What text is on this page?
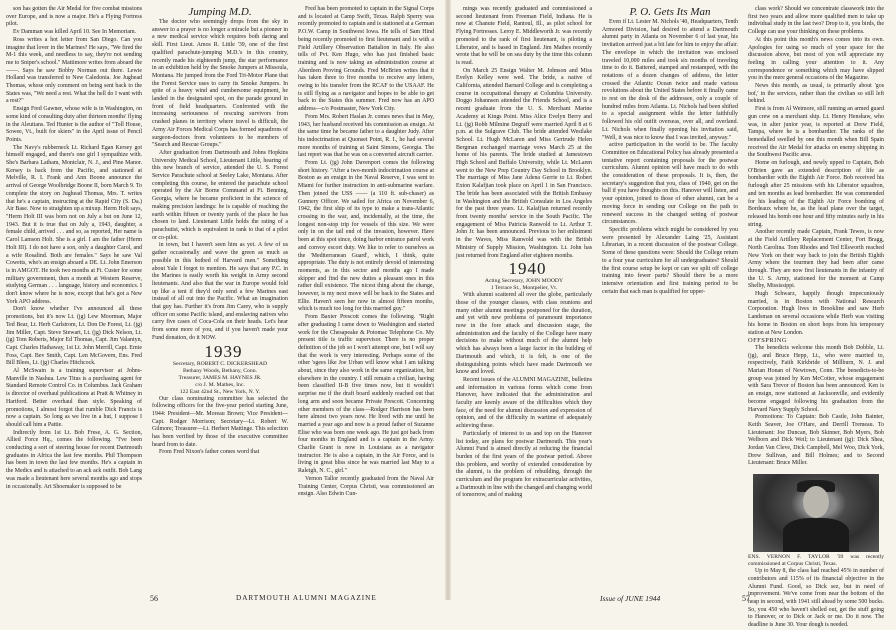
son has gotten the Air Medal for five combat missions over Europe, and is now a major. He's a Flying Fortress pilot.

Ev Damman was killed April 10. See In Memoriam.

Ross writes a hot letter from San Diego. Can you imagine that lover in the Marines? He says, "We fired the M-1 this week, and needless to say, they're not sending me to Sniper's school." Mattimore writes from aboard the ——. Says he saw Bobby Norman out there. Lewie Holland was transferred to New Caledonia. Joe Jughead Thomas, whose only comment on being sent back to the States was, "We need a rest. What the hell do I want with a rest?"

Ensign Fred Gawner, whose wife is in Washington, on some kind of consulting duty after thirteen months' flying in the Aleutians. Ted Hunter is the author of "Toll House, Sowee, Vt., built for skiers" in the April issue of Pencil Points.

The Navy's rubberneck Lt. Richard Egan Kersey got himself engaged, and there's one girl I sympathize with. She's Barbara Latham, Montclair, N. J., and Pine Manor. Kersey is back from the Pacific, and stationed at Melville, R. I. Frank and Ann Boone announce the arrival of George Woolbridge Boone II, born March 9. To complete the story on Jughead Thomas, Mrs. T. writes that he's a captain, instructing at the Rapid City (S. Da.) Air Base. Now to straighten up a mixup. Herm Holt says, "Herm Holt III was born not on July a but on June 12, 1943. But it is true that on July a, 1943, daughter, a female child, arrived . . . and so, as reported, Her name is Carol Lamson Holt. She is a girl. I am the father (Herm Holt III). I do not have a son, only a daughter Carol, and a wife Rosalind. Both are females." Says he saw Val Cowetts, who's an ensign aboard a DE. Lt. John Emerson is in AMGOT. He took two months at Ft. Custer for some military government, then a month at Western Reserve, studying German . . . language, history and economics. I don't know where he is now, except that he's got a New York APO address.

Don't know whether I've announced all these promotions, but it's now Lt. (jg) Lew Moorman, Major Ted Bear, Lt. Herb Carlstrom, Lt. Don De Forest, Lt. (jg) Jim Miller, Capt. Steve Stewart, Lt. (jg) Dick Nelson, Lt. (jg) Tom Roberts, Major Ed Thomas, Capt. Jim Valantyn, Capt. Charles Hathaway, 1st Lt. John Merrill, Capt. Ernie Foss, Capt. Bev Smith, Capt. Len McGovern, Ens. Fred Bill Blees, Lt. (jg) Charles Hitchcock.

Al McSwain is a training supervisor at Johns-Manville in Nashua. Lew Titus is a purchasing agent for Standard Remote Control Co. in Columbus. Jack Graham is director of overhaul publications at Pratt & Whitney in Hartford. Better overhaul than style. Speaking of promotions, I almost forgot that rumble Dick Francis is now a captain. So long as we live in a hut, I suppose I should call him a Pattie.

Indirectly from 1st Lt. Bob Frese, A. G. Section, Allied Force Hq., comes the following. "I've been conducting a sort of steering house for recent Dartmouth graduates in Africa the last few months. Phil Thompson has been in town the last few months. He's a captain in the Medics and is attached to an ack ack outfit. Bob Lang was made a lieutenant here several months ago and stops in occasionally. Art Shoemaker is supposed to be

Jumping M.D.

The doctor who seemingly drops from the sky in answer to a prayer is no longer a miracle but a pioneer in a new medical service which requires both daring and skill. First Lieut. Amos R. Little '39, one of the first qualified parachute-jumping M.D.'s in this country, recently made his eighteenth jump, the star performance in an exhibition held by the Smoke Jumpers at Missoula, Montana. He jumped from the Ford Tri-Motor Plane that the Forest Service uses to carry its Smoke Jumpers. In spite of a heavy wind and cumbersome equipment, he landed in the designated spot, on the parade ground in front of field headquarters. Confronted with the increasing seriousness of rescuing survivors from crashed planes in territory where travel is difficult, the Army Air Forces Medical Corps has formed squadrons of surgeon-doctors from volunteers to be members of "Search and Rescue Groups."

After graduation from Dartmouth and Johns Hopkins University Medical School, Lieutenant Little, hearing of this new branch of service, attended the U. S. Forest Service Parachute school at Seeley Lake, Montana. After completing this course, he entered the parachute school operated by the Air Borne Command at Ft. Benning, Georgia, where he became proficient in the science of making precision landings: he is capable of reaching the earth within fifteen or twenty yards of the place he has chosen to land. Lieutenant Little holds the rating of a parachutist, which is equivalent in rank to that of a pilot or co-pilot.

in town, but I haven't seen him as yet. A few of us gather occasionally and wave the green as much as possible in this hotbed of Harvard men." Something about Yale I forgot to mention. He says that any P.C. in the Marines is easily worth his weight in Army second lieutenants. And also that the war in Europe would fold up like a tent if they'd only send a few Marines east instead of all out into the Pacific. What an imagination that guy has. Further it's from Jim Carey, who is supply officer on some Pacific island, and enslaving natives who carry five cases of Coca-Cola on their heads. Let's hear from some more of you, and if you haven't made your Fund donation, do it NOW.

1939

Secretary, ROBERT C. DICKERSHEAD

Bethany Woods, Bethany, Conn.

Treasurer, JAMES M. HAYNES JR.

c/o J. M. Mathes, Inc.

122 East 42nd St., New York, N. Y.

Our class nominating committee has selected the following officers for the five-year period starting June, 1944: President—Mr. Moreau Brown; Vice President—Capt. Rodger Morrison; Secretary—Lt. Robert W. Gilmore; Treasurer—Lt. Herbert Mattinge. This selection has been verified by those of the executive committee heard from to date.

From Fred Nixon's father comes word that

Fred has been promoted to captain in the Signal Corps and is located at Camp Swift, Texas. Ralph Sperry was recently promoted to captain and is stationed at a German P.O.W. Camp in Southwest Iowa. He tells of Sam Hind being recently promoted to first lieutenant and is with a Field Artillery Observation Battalion in Italy. He also tells of Pvt. Ken Hugo, who has just finished basic training and is now taking an administration course at Aberdeen Proving Grounds. Fred McBrien writes that it has taken three to five months to receive any letters, owing to his transfer from the RCAF to the USAAF. He is still flying as a navigator and hopes to be able to get back to the States this summer. Fred now has an APO address—c/o Postmaster, New York City.

From Mrs. Robert Haslan Jr. comes news that in May, 1943, her husband received his commission as ensign. At the same time he became father to a daughter Judy. After his indoctrination at Quonset Point, R. I., he had several more months of training at Saint Simons, Georgia. The last report was that he was on a converted aircraft carrier.

From Lt. (jg) John Davenport comes the following short history. "After a two-month indoctrination course at Boston as an ensign in the Naval Reserve, I was sent to Miami for further instruction in anti-submarine warfare. Then joined the USS —— (a 110 ft. sub-chaser) as Gunnery Officer. We sailed for Africa on November 6, 1942, the first ship of its type to make a trans-Atlantic crossing in the war, and, incidentally, at the time, the longest non-stop trip for vessels of this size. We were only in on the tail end of the invasion, however. Have been at this spot since, doing harbor entrance patrol work and convoy escort duty. We like to refer to ourselves as the 'Mediterranean Guard', which, I think, quite appropriate. The duty is not entirely devoid of interesting moments, as in this sector and months ago I made skipper and find the new duties a pleasant ones in this rather dull existence. The nicest thing about the change, however, is my next move will be back to the States and Ellie. Haven't seen her now in almost fifteen months, which is much too long for this married guy."

From Baxter Prescott comes the following. "Right after graduating I came down to Washington and started work for the Chesapeake & Potomac Telephone Co. My present title is traffic supervisor. There is no proper definition of the job so I won't attempt one, but I will say that the work is very interesting. Perhaps some of the other 'sgees like Joe Urban will know what I am talking about, since they also work in the same organization, but elsewhere in the country. I still remain a civilian, having been classified II-B five times now, but it wouldn't surprise me if the draft board suddenly reached out that long arm and soon became Private Prescott. Concerning other members of the class—Rodger Harrison has been here almost two years now. He lived with me until he married a year ago and now is a proud father of Suzanne Elise who was born one week ago. He just got back from four months in England and is a captain in the Army. Charlie Grant is now in Louisiana as a navigator instructor. He is also a captain, in the Air Force, and is living in great bliss since he was married last May to a Raleigh, N. C., girl."

Vernon Tallor recently graduated from the Naval Air Training Center, Corpus Christi, was commissioned an ensign. Also Edwin Cun-

56	DARTMOUTH ALUMNI MAGAZINE

mings was recently graduated and commissioned a second lieutenant from Freeman Field, Indiana. He is now at Chanute Field, Rantoul, Ill., as pilot school for Flying Fortresses. Leroy E. Middleworth Jr. was recently promoted to the rank of first lieutenant, is piloting a Liberator, and is based in England. Jim Mathes recently wrote that he will be on sea duty by the time this column is read.

On March 25 Ensign Walter M. Johnson and Miss Evelyn Kelley were wed. The bride, a native of California, attended Barnard College and is completing a course in occupational therapy at Columbia University. Doggo Johannsen attended the Friends School, and is a recent graduate from the U. S. Merchant Marine Academy at Kings Point. Miss Alice Evelyn Berry and Lt. (jg) Robb Milmine Degraff were married April 8 at 6 p.m. at the Sulgrave Club. The bride attended Westlake School. Lt. Hugh McLaren and Miss Gertrude Helen Bergman exchanged marriage vows March 25 at the home of his parents. The bride studied at Jamestown High School and Buffalo University, while Lt. McLaren went to the New Prep Country Day School in Brooklyn. The marriage of Miss Jane Adena Gerrie to Lt. Robert Exton Kalafjian took place on April 1 in San Francisco. The bride has been associated with the British Embassy in Washington and the British Consulate in Los Angeles for the past three years. Lt. Kalafjian returned recently from twenty months' service in the South Pacific. The engagement of Miss Patricia Ranwold to Lt. Arthur T. John Jr. has been announced. Previous to her enlistment in the Waves, Miss Ranwold was with the British Ministry of Supply Mission, Washington. Lt. John has just returned from England after eighteen months.

1940

Acting Secretary, JOHN MOODY

1 Terrace St., Montpelier, Vt.

With alumni scattered all over the globe, particularly those of the younger classes, with class reunions and many other alumni meetings postponed for the duration, and yet with new problems of paramount importance now in the fore attack and discussion stage, the administration and the faculty of the College have many decisions to make without much of the alumni help which has always been a large factor in the building of Dartmouth and which, it is felt, is one of the distinguishing points which have made Dartmouth we know and loved.

Recent issues of the ALUMNI MAGAZINE, bulletins and information in various forms which come from Hanover, have indicated that the administration and faculty are keenly aware of the difficulties which they face, of the need for alumni discussion and expression of opinion, and of the difficulty in wartime of adequately achieving these.

Particularly of interest to us and top on the Hanover list today, are plans for postwar Dartmouth. This year's Alumni Fund is aimed directly at reducing the financial burden of the first years of the postwar period. Above this problem, and worthy of extended consideration by the alumni, is the problem of rebuilding, through the curriculum and the program for extracurricular activities, a Dartmouth in line with the changed and changing world of tomorrow, and of making

P. O. Gets Its Man

Even if Lt. Lester M. Nichols '40, Headquarters, Tenth Armored Division, had desired to attend a Dartmouth alumni party in Atlanta on November 6 of last year, his invitation arrived just a bit late for him to enjoy the affair. The envelope in which the invitation was enclosed traveled 10,000 miles and took six months of traveling time to do it. Battered, stamped and restamped, with the notations of a dozen changes of address, the letter crossed the Atlantic Ocean twice and made various revolutions about the United States before it finally came to rest on the desk of the addressee, only a couple of hundred miles from Atlanta. Lt. Nichols had been shifted to a special assignment while the letter faithfully followed his old outfit overseas, over all, and overland. Lt. Nichols when finally opening his invitation said, "Well, it was nice to know that I was invited, anyway."

active participation in the world to be. The faculty Committee on Educational Policy has already presented a tentative report containing proposals for the postwar curriculum. Alumni opinion will have much to do with the consideration of these proposals. It is, then, the secretary's suggestion that you, class of 1940, get on the ball if you have thoughts on this. Hanover will listen, and your opinion, joined to those of other alumni, can be a moving force in sending our College on the path to renewed success in the changed setting of postwar circumstances.

Specific problems which might be considered by you were presented by Alexander Laing '25, Assistant Librarian, in a recent discussion of the postwar College. Some of these questions were: Should the College return to a four year curriculum for all undergraduates? Should the first course setup be kept or can we split off college training into fewer parts? Should there be a more intensive orientation and first training period to be certain that each man is qualified for upper-

class work? Should we concentrate classwork into the first two years and allow more qualified men to take up individual study in the last two? Drop to it, you birds, the College can use your thinking on these problems.

At this point this month's news comes into its own. Apologies for using so much of your space for the discussion above, but most of you will appreciate my feeling in calling your attention to it. Any correspondence or something which may have slipped you in the mere general occasions of the Magazine.

News this month, as usual, is primarily about 'gos bof,' in the services, rather than the civilian so still left behind.

First is from Al Wetmore, still running an armed guard gun crew on a merchant ship. Lt. Henry Henshaw, who was, in alter junior year, is reported at Drew Field, Tampa, where he is a bombardier. The ranks of the bemedalled swelled by one this month when Bill Spain received the Air Medal for attacks on enemy shipping in the Southwest Pacific area.

Home on furlough, and newly upped to Captain, Bob O'Brien gave an extended description of life as bombardier with the Eighth Air Force. Bob received his furlough after 25 missions with his Liberator squadron, and ten months as lead bombardier. He was commended for his leading of the Eighth Air Force bombing of Bordeaux where he, as the lead plane over the target, released his bomb one hour and fifty minutes early in his string.

Another recently made Captain, Frank Tewes, is now at the Field Artillery Replacement Center, Fort Bragg, North Carolina. Tom Rhodes and Ted Ellsworth reached New York on their way back to join the British Eighth Army where the tourmen they had been after came through. They are now first lieutenants in the infantry of the U. S. Army, stationed for the moment at Camp Shelby, Mississippi.

Hugh Schwarz, happily though impecuniously married, is in Boston with National Research Corporation. Hugh lives in Brookline and saw Herb Landsman on several occasions while Herb was visiting his home in Boston on short hops from his temporary station at New London.

OFFSPRING

The benedicts welcome this month Bob Dobble, Lt. (jg), and Bruce Hepp, Lt., who were married to, respectively, Faith Kirkbride of Millburn, N. J. and Marian Honan of Newtown, Conn. The benedicts-to-be group was joined by Ken McCotter, whose engagement with Sara Trevor of Boston has been announced. Ken is an ensign, now stationed at Jacksonville, and evidently become engaged following his graduation from the Harvard Navy Supply School.

Promotions: To Captain: Bob Castle, John Bainter, Keith Seaver, Joe O'Hare, and Derrill Tremeau. To Lieutenant: Joe Duncan, Bob Skinner, Bob Myers, Bob Welborn and Dick Weil; to Lieutenant (jg): Dick Shea, Jordan Van Cleve, Dick Campbell, Mel Woo, Dick York, Drew Sullivan, and Bill Holmes; and to Second Lieutenant: Bruce Miller.

ENS. VERNON F. TAYLOR '39 was recently commissioned at Corpus Christi, Texas.

Up to May 8, the class had reached 45% in number of contributors and 115% of its financial objective in the Alumni Fund. Good, so Dick sez, but in need of improvement. We've come from near the bottom of the heap in second, with 1941 still ahead by some 500 bucks. So, you 450 who haven't shelled out, get the stuff going to Hanover, or to Dick or Jack or me. Do it now. The deadline is June 30. Your dough is needed.

Issue of JUNE 1944	57
